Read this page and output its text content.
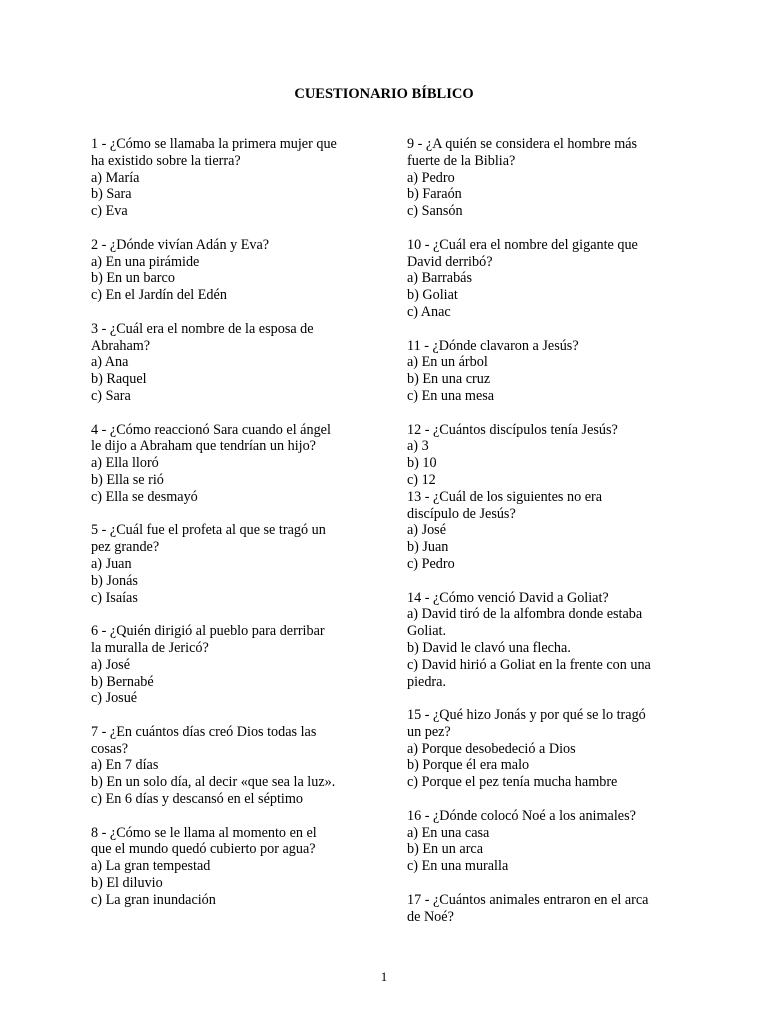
CUESTIONARIO BÍBLICO
1 - ¿Cómo se llamaba la primera mujer que
ha existido sobre la tierra?
a) María
b) Sara
c) Eva
2 - ¿Dónde vivían Adán y Eva?
a) En una pirámide
b) En un barco
c) En el Jardín del Edén
3 - ¿Cuál era el nombre de la esposa de
Abraham?
a) Ana
b) Raquel
c) Sara
4 - ¿Cómo reaccionó Sara cuando el ángel
le dijo a Abraham que tendrían un hijo?
a) Ella lloró
b) Ella se rió
c) Ella se desmayó
5 - ¿Cuál fue el profeta al que se tragó un
pez grande?
a) Juan
b) Jonás
c) Isaías
6 - ¿Quién dirigió al pueblo para derribar
la muralla de Jericó?
a) José
b) Bernabé
c) Josué
7 - ¿En cuántos días creó Dios todas las
cosas?
a) En 7 días
b) En un solo día, al decir «que sea la luz».
c) En 6 días y descansó en el séptimo
8 - ¿Cómo se le llama al momento en el
que el mundo quedó cubierto por agua?
a) La gran tempestad
b) El diluvio
c) La gran inundación
9 - ¿A quién se considera el hombre más
fuerte de la Biblia?
a) Pedro
b) Faraón
c) Sansón
10 - ¿Cuál era el nombre del gigante que
David derribó?
a) Barrabás
b) Goliat
c) Anac
11 - ¿Dónde clavaron a Jesús?
a) En un árbol
b) En una cruz
c) En una mesa
12 - ¿Cuántos discípulos tenía Jesús?
a) 3
b) 10
c) 12
13 - ¿Cuál de los siguientes no era
discípulo de Jesús?
a) José
b) Juan
c) Pedro
14 - ¿Cómo venció David a Goliat?
a) David tiró de la alfombra donde estaba
Goliat.
b) David le clavó una flecha.
c) David hirió a Goliat en la frente con una
piedra.
15 - ¿Qué hizo Jonás y por qué se lo tragó
un pez?
a) Porque desobedeció a Dios
b) Porque él era malo
c) Porque el pez tenía mucha hambre
16 - ¿Dónde colocó Noé a los animales?
a) En una casa
b) En un arca
c) En una muralla
17 - ¿Cuántos animales entraron en el arca
de Noé?
1
